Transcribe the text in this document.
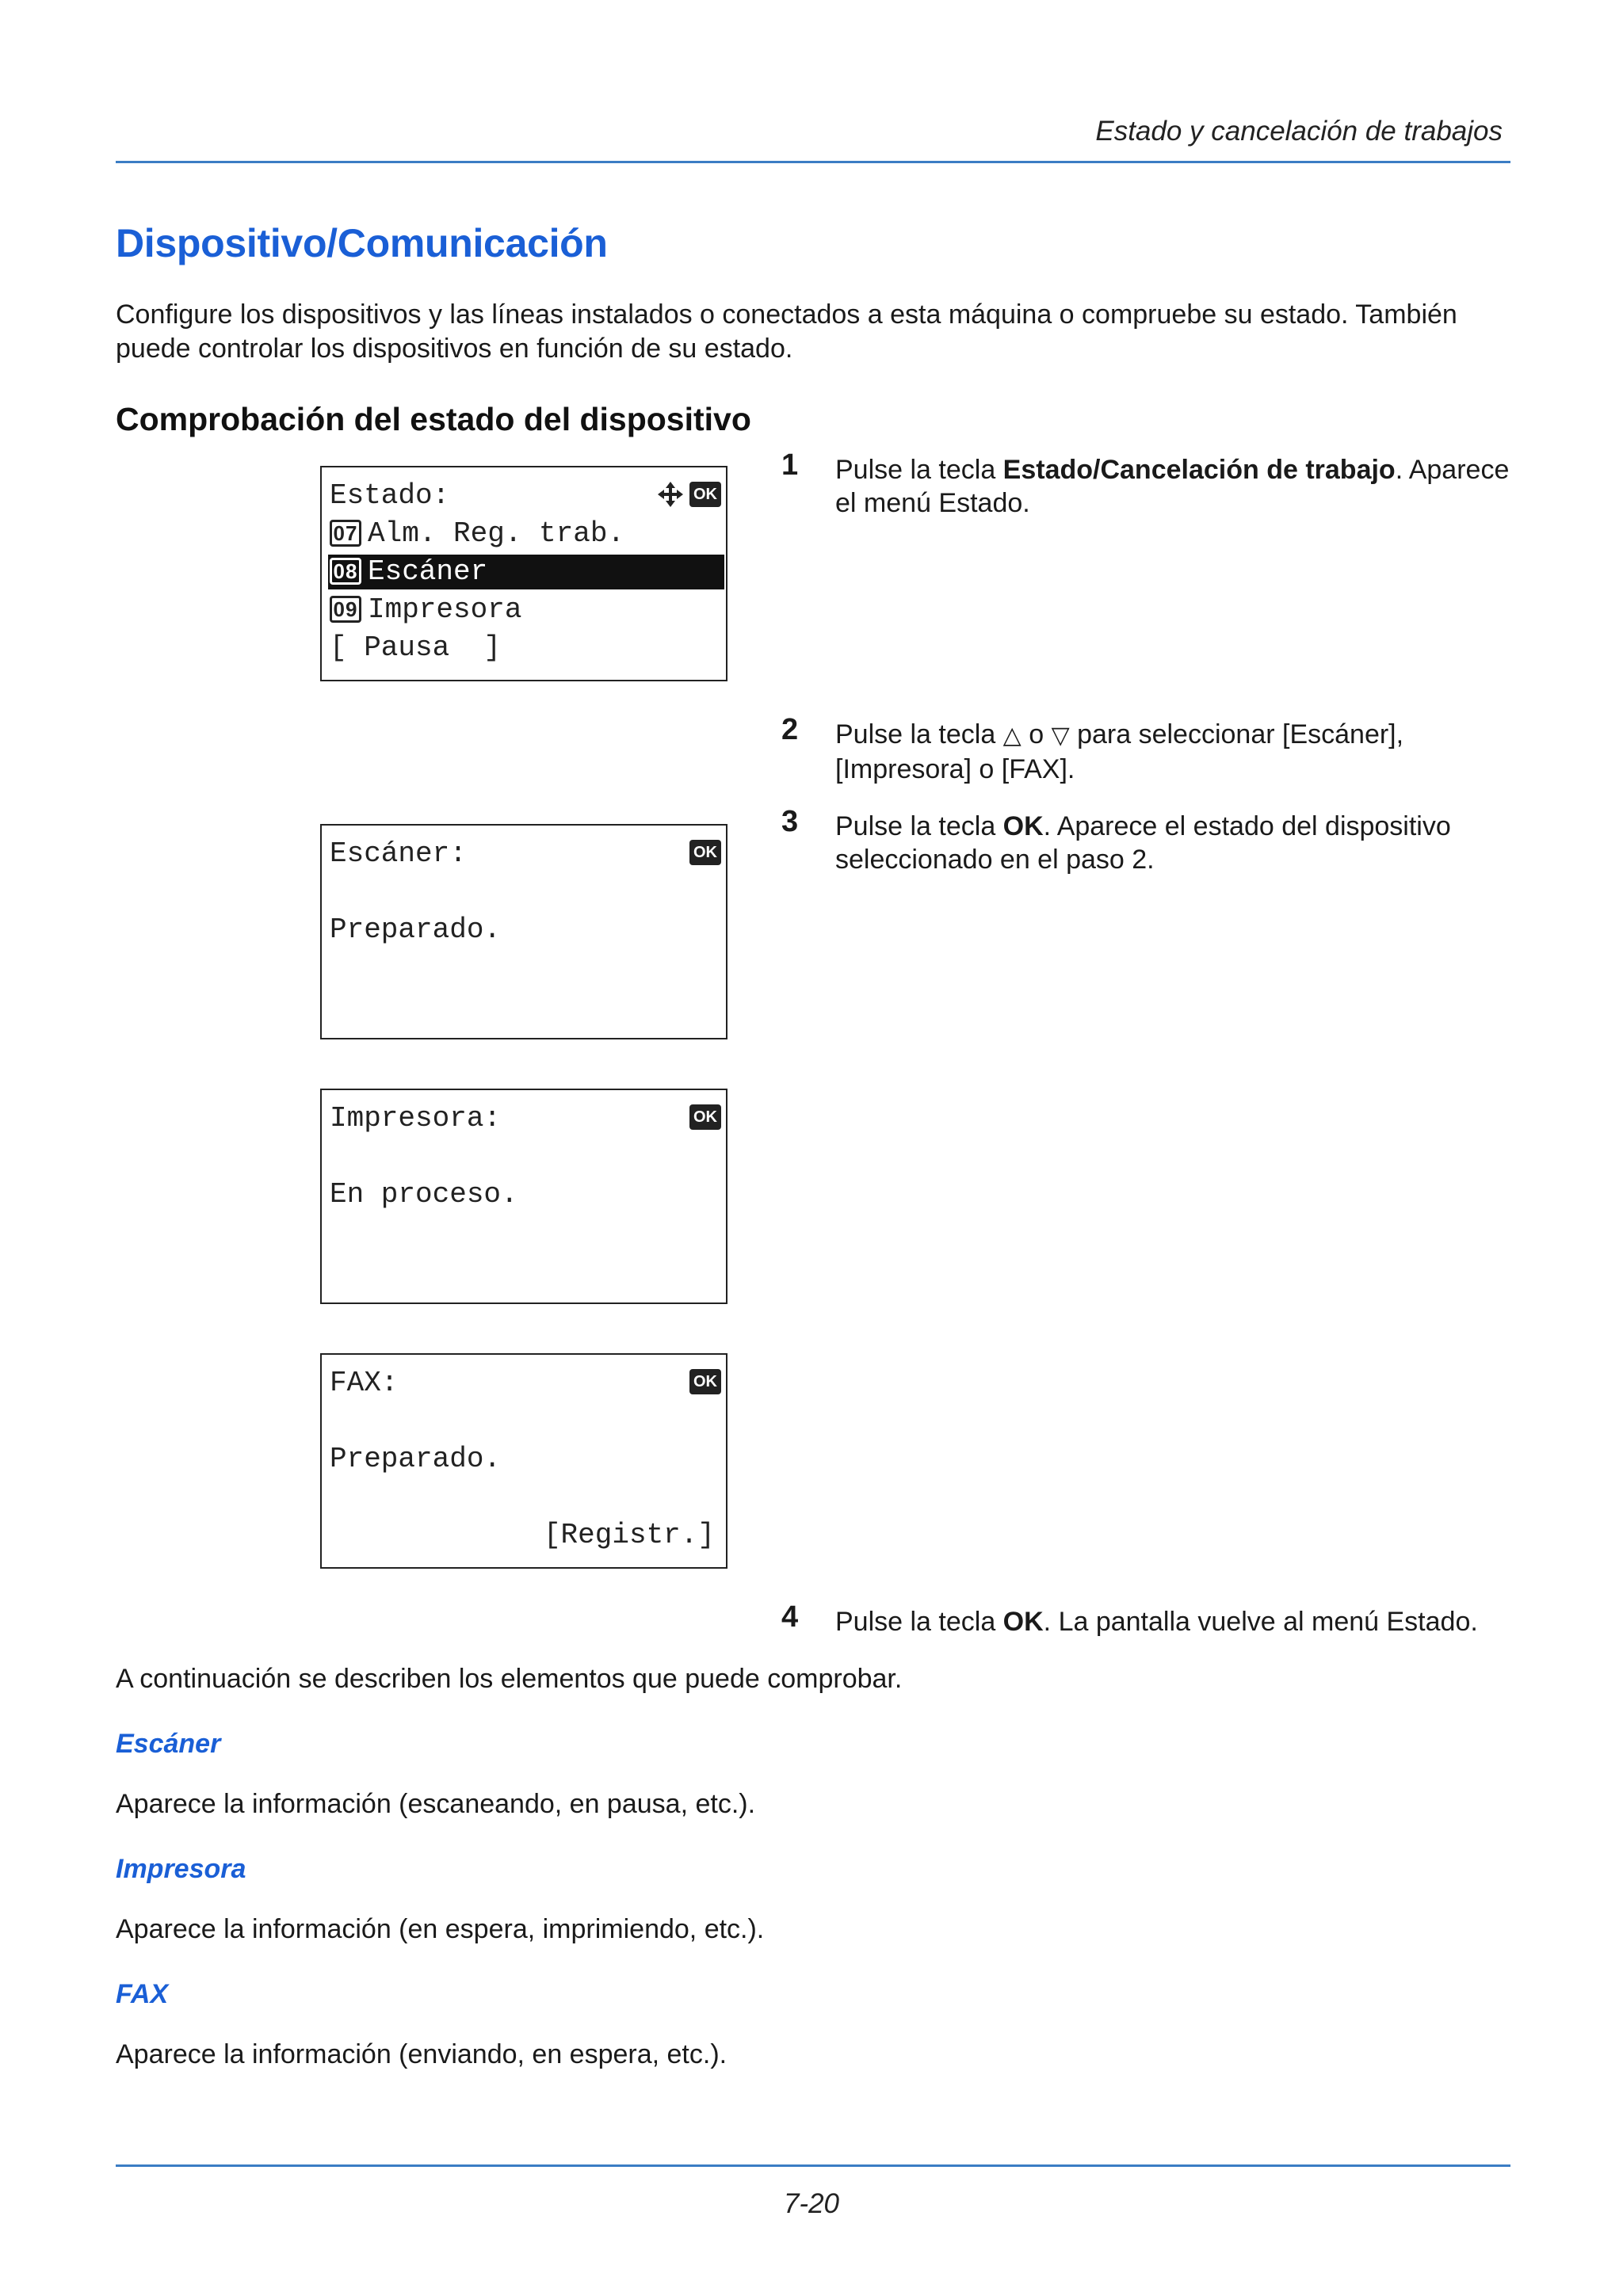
Estado y cancelación de trabajos
Dispositivo/Comunicación
Configure los dispositivos y las líneas instalados o conectados a esta máquina o compruebe su estado. También puede controlar los dispositivos en función de su estado.
Comprobación del estado del dispositivo
1 Pulse la tecla Estado/Cancelación de trabajo. Aparece el menú Estado.
2 Pulse la tecla △ o ▽ para seleccionar [Escáner], [Impresora] o [FAX].
3 Pulse la tecla OK. Aparece el estado del dispositivo seleccionado en el paso 2.
4 Pulse la tecla OK. La pantalla vuelve al menú Estado.
Estado:	OK
07 Alm. Reg. trab.
08 Escáner
09 Impresora
[ Pausa  ]
Escáner:	OK
Preparado.
Impresora:	OK
En proceso.
FAX:	OK
Preparado.
[Registr.]
A continuación se describen los elementos que puede comprobar.
Escáner
Aparece la información (escaneando, en pausa, etc.).
Impresora
Aparece la información (en espera, imprimiendo, etc.).
FAX
Aparece la información (enviando, en espera, etc.).
7-20
